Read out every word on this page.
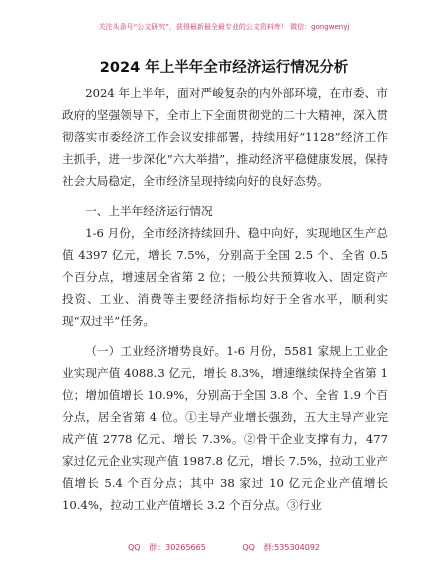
关注头条号“公文研究”，获得最新最全最专业的公文资料库！ 微信：gongwenyj
2024 年上半年全市经济运行情况分析

2024 年上半年，面对严峻复杂的内外部环境，在市委、市政府的坚强领导下，全市上下全面贯彻党的二十大精神，深入贯彻落实市委经济工作会议安排部署，持续用好“1128”经济工作主抓手，进一步深化“六大举措”，推动经济平稳健康发展，保持社会大局稳定，全市经济呈现持续向好的良好态势。

一、上半年经济运行情况

1-6 月份，全市经济持续回升、稳中向好，实现地区生产总值 4397 亿元，增长 7.5%，分别高于全国 2.5 个、全省 0.5 个百分点，增速居全省第 2 位；一般公共预算收入、固定资产投资、工业、消费等主要经济指标均好于全省水平，顺利实现“双过半”任务。

（一）工业经济增势良好。1-6 月份，5581 家规上工业企业实现产值 4088.3 亿元，增长 8.3%，增速继续保持全省第 1 位；增加值增长 10.9%，分别高于全国 3.8 个、全省 1.9 个百分点，居全省第 4 位。①主导产业增长强劲，五大主导产业完成产值 2778 亿元、增长 7.3%。②骨干企业支撑有力，477 家过亿元企业实现产值 1987.8 亿元，增长 7.5%，拉动工业产值增长 5.4 个百分点；其中 38 家过 10 亿元企业产值增长 10.4%，拉动工业产值增长 3.2 个百分点。③行业

QQ 群：30265665	QQ 群:535304092
